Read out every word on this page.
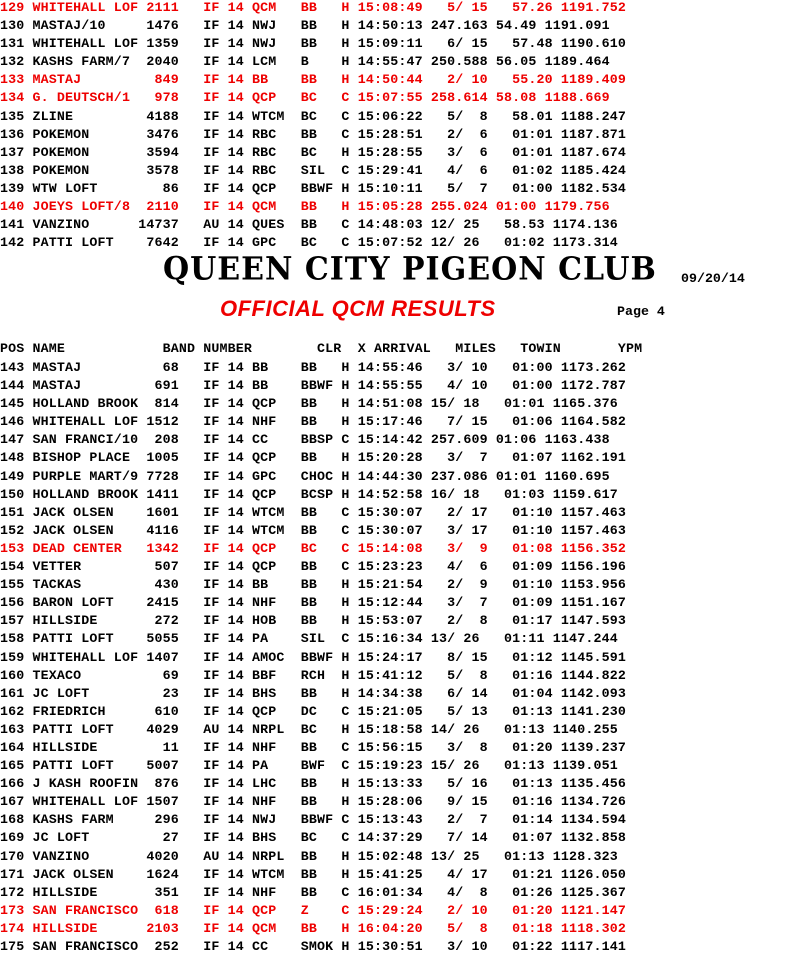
129 WHITEHALL LOF 2111   IF 14 QCM   BB   H 15:08:49   5/ 15   57.26 1191.752
130 MASTAJ/10     1476   IF 14 NWJ   BB   H 14:50:13 247.163 54.49 1191.091
131 WHITEHALL LOF 1359   IF 14 NWJ   BB   H 15:09:11   6/ 15   57.48 1190.610
132 KASHS FARM/7  2040   IF 14 LCM   B    H 14:55:47 250.588 56.05 1189.464
133 MASTAJ         849   IF 14 BB    BB   H 14:50:44   2/ 10   55.20 1189.409
134 G. DEUTSCH/1   978   IF 14 QCP   BC   C 15:07:55 258.614 58.08 1188.669
135 ZLINE         4188   IF 14 WTCM  BC   C 15:06:22   5/  8   58.01 1188.247
136 POKEMON       3476   IF 14 RBC   BB   C 15:28:51   2/  6   01:01 1187.871
137 POKEMON       3594   IF 14 RBC   BC   H 15:28:55   3/  6   01:01 1187.674
138 POKEMON       3578   IF 14 RBC   SIL  C 15:29:41   4/  6   01:02 1185.424
139 WTW LOFT        86   IF 14 QCP   BBWF H 15:10:11   5/  7   01:00 1182.534
140 JOEYS LOFT/8  2110   IF 14 QCM   BB   H 15:05:28 255.024 01:00 1179.756
141 VANZINO      14737   AU 14 QUES  BB   C 14:48:03 12/ 25   58.53 1174.136
142 PATTI LOFT    7642   IF 14 GPC   BC   C 15:07:52 12/ 26   01:02 1173.314
QUEEN CITY PIGEON CLUB 09/20/14
OFFICIAL QCM RESULTS	Page 4
POS NAME            BAND NUMBER        CLR  X ARRIVAL   MILES   TOWIN       YPM
143 MASTAJ          68   IF 14 BB    BB   H 14:55:46   3/ 10   01:00 1173.262
144 MASTAJ         691   IF 14 BB    BBWF H 14:55:55   4/ 10   01:00 1172.787
145 HOLLAND BROOK  814   IF 14 QCP   BB   H 14:51:08 15/ 18   01:01 1165.376
146 WHITEHALL LOF 1512   IF 14 NHF   BB   H 15:17:46   7/ 15   01:06 1164.582
147 SAN FRANCI/10  208   IF 14 CC    BBSP C 15:14:42 257.609 01:06 1163.438
148 BISHOP PLACE  1005   IF 14 QCP   BB   H 15:20:28   3/  7   01:07 1162.191
149 PURPLE MART/9 7728   IF 14 GPC   CHOC H 14:44:30 237.086 01:01 1160.695
150 HOLLAND BROOK 1411   IF 14 QCP   BCSP H 14:52:58 16/ 18   01:03 1159.617
151 JACK OLSEN    1601   IF 14 WTCM  BB   C 15:30:07   2/ 17   01:10 1157.463
152 JACK OLSEN    4116   IF 14 WTCM  BB   C 15:30:07   3/ 17   01:10 1157.463
153 DEAD CENTER   1342   IF 14 QCP   BC   C 15:14:08   3/  9   01:08 1156.352
154 VETTER         507   IF 14 QCP   BB   C 15:23:23   4/  6   01:09 1156.196
155 TACKAS         430   IF 14 BB    BB   H 15:21:54   2/  9   01:10 1153.956
156 BARON LOFT    2415   IF 14 NHF   BB   H 15:12:44   3/  7   01:09 1151.167
157 HILLSIDE       272   IF 14 HOB   BB   H 15:53:07   2/  8   01:17 1147.593
158 PATTI LOFT    5055   IF 14 PA    SIL  C 15:16:34 13/ 26   01:11 1147.244
159 WHITEHALL LOF 1407   IF 14 AMOC  BBWF H 15:24:17   8/ 15   01:12 1145.591
160 TEXACO          69   IF 14 BBF   RCH  H 15:41:12   5/  8   01:16 1144.822
161 JC LOFT         23   IF 14 BHS   BB   H 14:34:38   6/ 14   01:04 1142.093
162 FRIEDRICH      610   IF 14 QCP   DC   C 15:21:05   5/ 13   01:13 1141.230
163 PATTI LOFT    4029   AU 14 NRPL  BC   H 15:18:58 14/ 26   01:13 1140.255
164 HILLSIDE        11   IF 14 NHF   BB   C 15:56:15   3/  8   01:20 1139.237
165 PATTI LOFT    5007   IF 14 PA    BWF  C 15:19:23 15/ 26   01:13 1139.051
166 J KASH ROOFIN  876   IF 14 LHC   BB   H 15:13:33   5/ 16   01:13 1135.456
167 WHITEHALL LOF 1507   IF 14 NHF   BB   H 15:28:06   9/ 15   01:16 1134.726
168 KASHS FARM     296   IF 14 NWJ   BBWF C 15:13:43   2/  7   01:14 1134.594
169 JC LOFT         27   IF 14 BHS   BC   C 14:37:29   7/ 14   01:07 1132.858
170 VANZINO       4020   AU 14 NRPL  BB   H 15:02:48 13/ 25   01:13 1128.323
171 JACK OLSEN    1624   IF 14 WTCM  BB   H 15:41:25   4/ 17   01:21 1126.050
172 HILLSIDE       351   IF 14 NHF   BB   C 16:01:34   4/  8   01:26 1125.367
173 SAN FRANCISCO  618   IF 14 QCP   Z    C 15:29:24   2/ 10   01:20 1121.147
174 HILLSIDE      2103   IF 14 QCM   BB   H 16:04:20   5/  8   01:18 1118.302
175 SAN FRANCISCO  252   IF 14 CC    SMOK H 15:30:51   3/ 10   01:22 1117.141
